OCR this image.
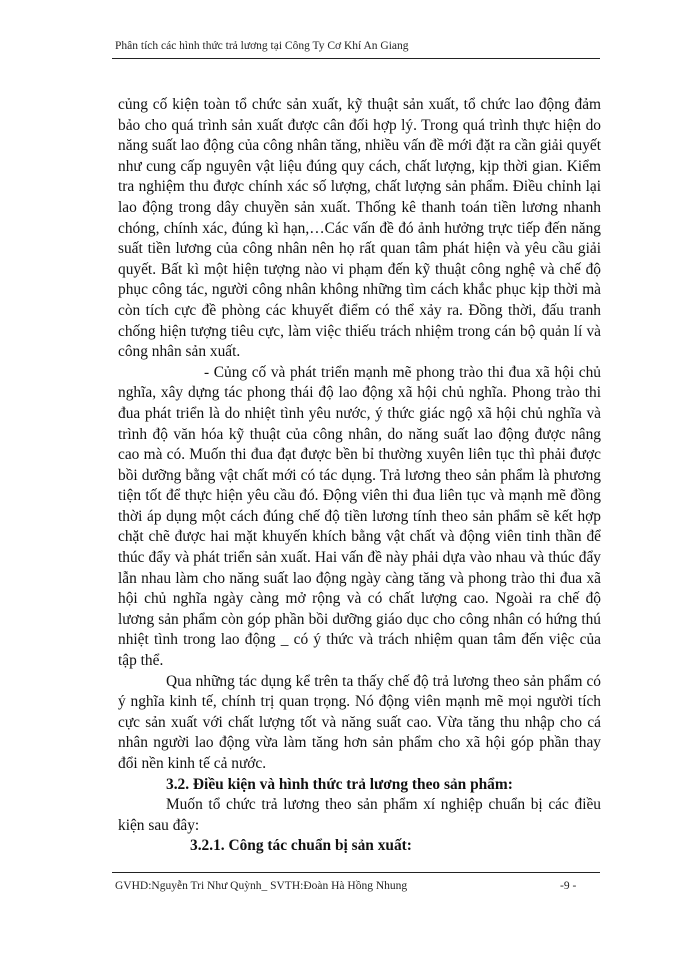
Phân tích các hình thức trả lương tại Công Ty Cơ Khí An Giang

củng cố kiện toàn tổ chức sản xuất, kỹ thuật sản xuất, tổ chức lao động đảm bảo cho quá trình sản xuất được cân đối hợp lý. Trong quá trình thực hiện do năng suất lao động của công nhân tăng, nhiều vấn đề mới đặt ra cần giải quyết như cung cấp nguyên vật liệu đúng quy cách, chất lượng, kịp thời gian. Kiểm tra nghiệm thu được chính xác số lượng, chất lượng sản phẩm. Điều chỉnh lại lao động trong dây chuyền sản xuất. Thống kê thanh toán tiền lương nhanh chóng, chính xác, đúng kì hạn,…Các vấn đề đó ảnh hưởng trực tiếp đến năng suất tiền lương của công nhân nên họ rất quan tâm phát hiện và yêu cầu giải quyết. Bất kì một hiện tượng nào vi phạm đến kỹ thuật công nghệ và chế độ phục công tác, người công nhân không những tìm cách khắc phục kịp thời mà còn tích cực đề phòng các khuyết điểm có thể xảy ra. Đồng thời, đấu tranh chống hiện tượng tiêu cực, làm việc thiếu trách nhiệm trong cán bộ quản lí và công nhân sản xuất.

- Củng cố và phát triển mạnh mẽ phong trào thi đua xã hội chủ nghĩa, xây dựng tác phong thái độ lao động xã hội chủ nghĩa. Phong trào thi đua phát triển là do nhiệt tình yêu nước, ý thức giác ngộ xã hội chủ nghĩa và trình độ văn hóa kỹ thuật của công nhân, do năng suất lao động được nâng cao mà có. Muốn thi đua đạt được bền bỉ thường xuyên liên tục thì phải được bồi dưỡng bằng vật chất mới có tác dụng. Trả lương theo sản phẩm là phương tiện tốt để thực hiện yêu cầu đó. Động viên thi đua liên tục và mạnh mẽ đồng thời áp dụng một cách đúng chế độ tiền lương tính theo sản phẩm sẽ kết hợp chặt chẽ được hai mặt khuyến khích bằng vật chất và động viên tinh thần để thúc đẩy và phát triển sản xuất. Hai vấn đề này phải dựa vào nhau và thúc đẩy lẫn nhau làm cho năng suất lao động ngày càng tăng và phong trào thi đua xã hội chủ nghĩa ngày càng mở rộng và có chất lượng cao. Ngoài ra chế độ lương sản phẩm còn góp phần bồi dưỡng giáo dục cho công nhân có hứng thú nhiệt tình trong lao động _ có ý thức và trách nhiệm quan tâm đến việc của tập thể.

Qua những tác dụng kể trên ta thấy chế độ trả lương theo sản phẩm có ý nghĩa kinh tế, chính trị quan trọng. Nó động viên mạnh mẽ mọi người tích cực sản xuất với chất lượng tốt và năng suất cao. Vừa tăng thu nhập cho cá nhân người lao động vừa làm tăng hơn sản phẩm cho xã hội góp phần thay đổi nền kinh tế cả nước.

3.2. Điều kiện và hình thức trả lương theo sản phẩm:

Muốn tổ chức trả lương theo sản phẩm xí nghiệp chuẩn bị các điều kiện sau đây:

3.2.1. Công tác chuẩn bị sản xuất:

GVHD:Nguyễn Tri Như Quỳnh_ SVTH:Đoàn Hà Hồng Nhung	-9 -
